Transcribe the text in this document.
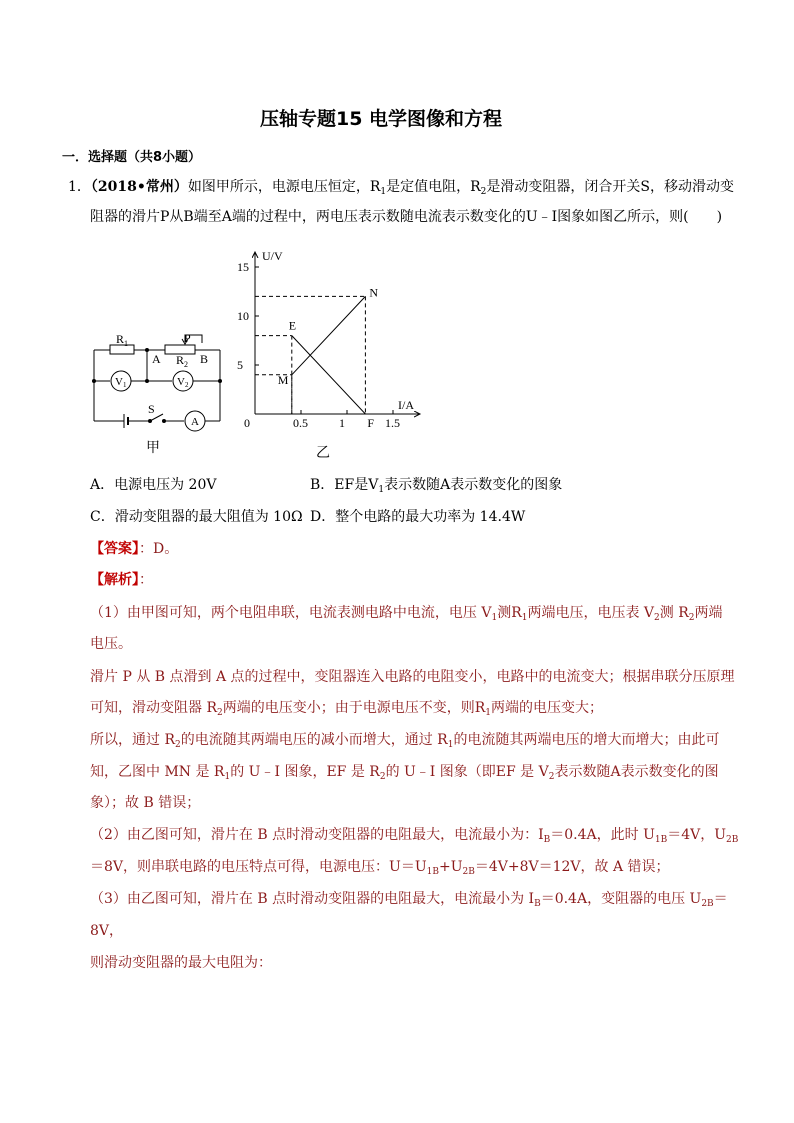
压轴专题15 电学图像和方程
一．选择题（共8小题）
1．（2018•常州）如图甲所示，电源电压恒定，$R_1$是定值电阻，$R_2$是滑动变阻器，闭合开关S，移动滑动变
阻器的滑片P从B端至A端的过程中，两电压表示数随电流表示数变化的U﹣I图象如图乙所示，则(　　)
$R_1$
$R_2$
P
A	B
V1	V2
S
A
甲
5
10
15
0.5	1	1.5
E
F
M
N
U/V
I/A
0
乙
A．电源电压为 20V	B．EF是$V_1$表示数随A表示数变化的图象
C．滑动变阻器的最大阻值为 10Ω D．整个电路的最大功率为 14.4W
【答案】：D。
【解析】：
（1）由甲图可知，两个电阻串联，电流表测电路中电流，电压 $V_1$测$R_1$两端电压，电压表 $V_2$测 $R_2$两端
电压。
滑片 P 从 B 点滑到 A 点的过程中，变阻器连入电路的电阻变小，电路中的电流变大；根据串联分压原理
可知，滑动变阻器 $R_2$两端的电压变小；由于电源电压不变，则$R_1$两端的电压变大；
所以，通过 $R_2$的电流随其两端电压的减小而增大，通过 $R_1$的电流随其两端电压的增大而增大；由此可
知，乙图中 MN 是 $R_1$的 U﹣I 图象，EF 是 $R_2$的 U﹣I 图象（即EF 是 $V_2$表示数随A表示数变化的图
象）；故 B 错误；
（2）由乙图可知，滑片在 B 点时滑动变阻器的电阻最大，电流最小为：$I_B=0.4A$，此时 $U_{1B}=4V$，$U_{2B}$
＝8V，则串联电路的电压特点可得，电源电压：$U=U_{1B}+U_{2B}=4V+8V=12V$，故 A 错误；
（3）由乙图可知，滑片在 B 点时滑动变阻器的电阻最大，电流最小为 $I_B=0.4A$，变阻器的电压 $U_{2B}=$
8V，
则滑动变阻器的最大电阻为：
